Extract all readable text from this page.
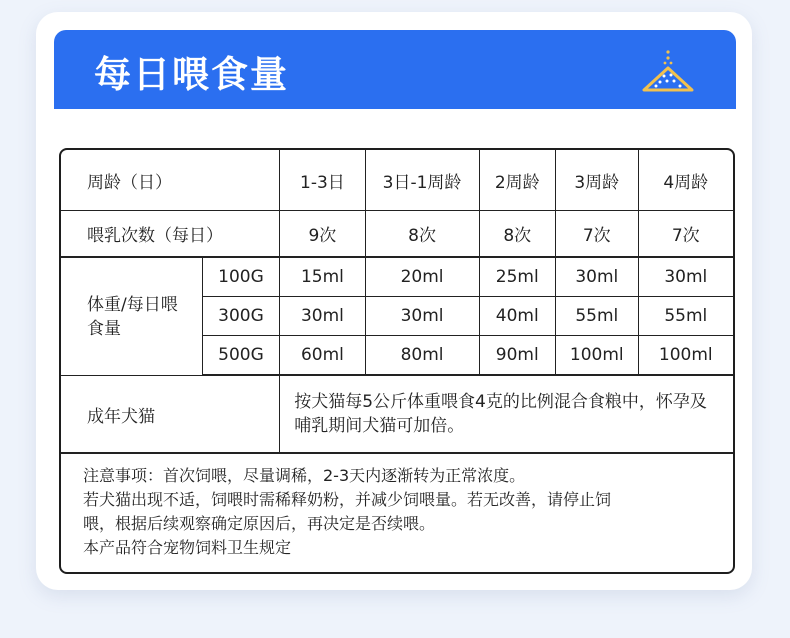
每日喂食量
周龄（日）		1-3日	3日-1周龄	2周龄	3周龄	4周龄
喂乳次数（每日）		9次	8次	8次	7次	7次

体重/每日喂食量	100G	15ml	20ml	25ml	30ml	30ml
	300G	30ml	30ml	40ml	55ml	55ml
	500G	60ml	80ml	90ml	100ml	100ml
成年犬猫		按犬猫每5公斤体重喂食4克的比例混合食粮中，怀孕及哺乳期间犬猫可加倍。				

注意事项：首次饲喂，尽量调稀，2-3天内逐渐转为正常浓度。
若犬猫出现不适，饲喂时需稀释奶粉，并减少饲喂量。若无改善，请停止饲
喂，根据后续观察确定原因后，再决定是否续喂。
本产品符合宠物饲料卫生规定						
